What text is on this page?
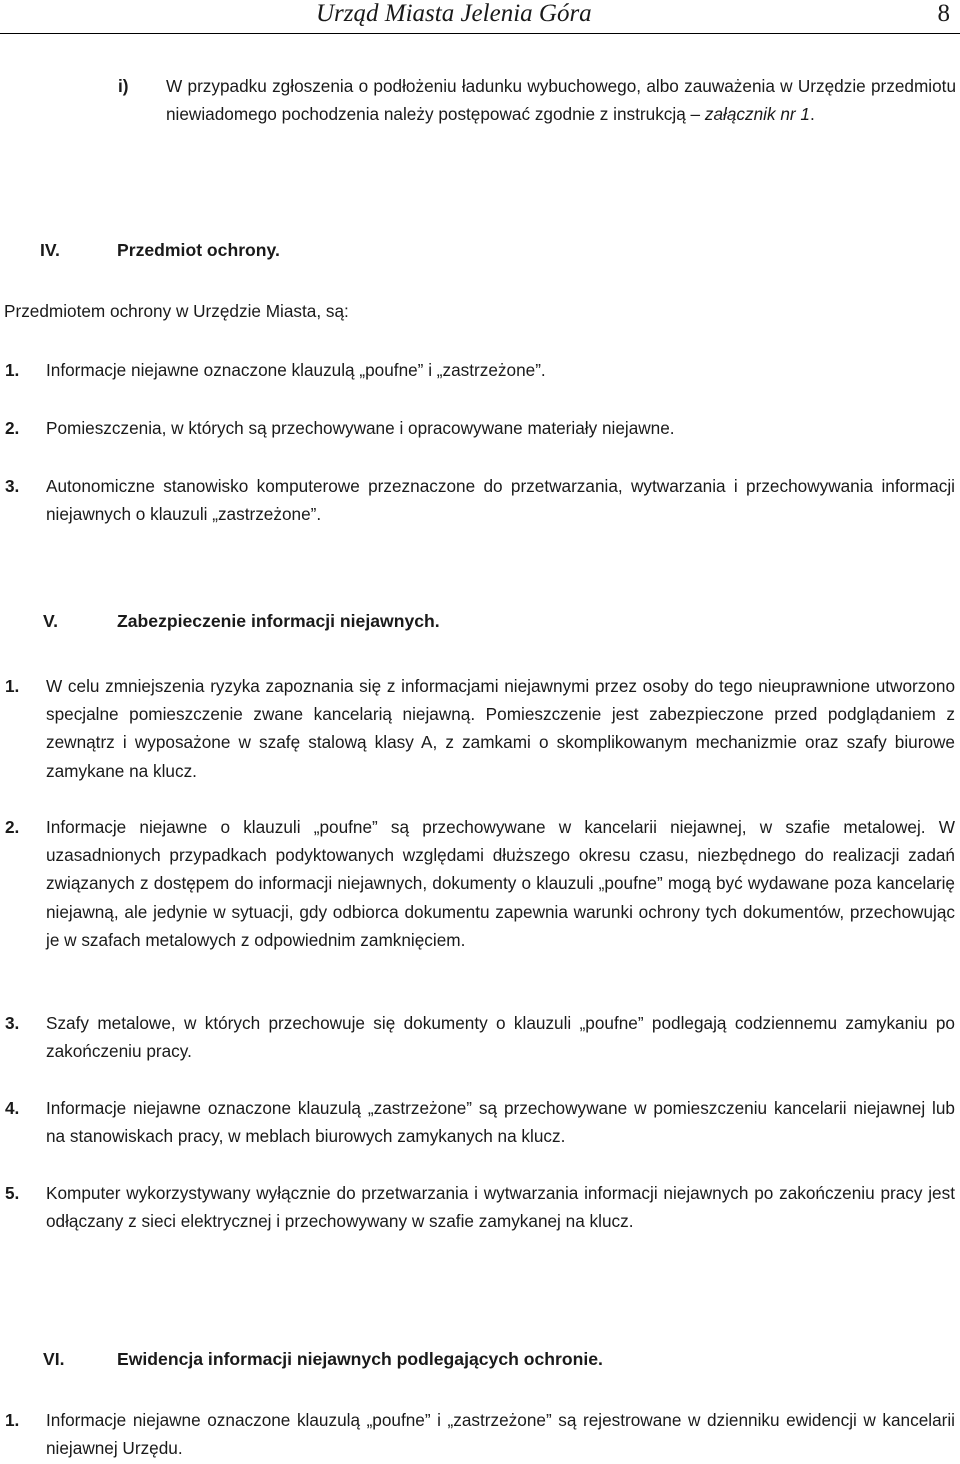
Urząd Miasta Jelenia Góra	8
i) W przypadku zgłoszenia o podłożeniu ładunku wybuchowego, albo zauważenia w Urzędzie przedmiotu niewiadomego pochodzenia należy postępować zgodnie z instrukcją – załącznik nr 1.
IV.	Przedmiot ochrony.
Przedmiotem ochrony w Urzędzie Miasta, są:
1. Informacje niejawne oznaczone klauzulą „poufne” i „zastrzeżone”.
2. Pomieszczenia, w których są przechowywane i opracowywane materiały niejawne.
3. Autonomiczne stanowisko komputerowe przeznaczone do przetwarzania, wytwarzania i przechowywania informacji niejawnych o klauzuli „zastrzeżone”.
V.	Zabezpieczenie informacji niejawnych.
1. W celu zmniejszenia ryzyka zapoznania się z informacjami niejawnymi przez osoby do tego nieuprawnione utworzono specjalne pomieszczenie zwane kancelarią niejawną. Pomieszczenie jest zabezpieczone przed podglądaniem z zewnątrz i wyposażone w szafę stalową klasy A, z zamkami o skomplikowanym mechanizmie oraz szafy biurowe zamykane na klucz.
2. Informacje niejawne o klauzuli „poufne” są przechowywane w kancelarii niejawnej, w szafie metalowej. W uzasadnionych przypadkach podyktowanych względami dłuższego okresu czasu, niezbędnego do realizacji zadań związanych z dostępem do informacji niejawnych, dokumenty o klauzuli „poufne” mogą być wydawane poza kancelarię niejawną, ale jedynie w sytuacji, gdy odbiorca dokumentu zapewnia warunki ochrony tych dokumentów, przechowując je w szafach metalowych z odpowiednim zamknięciem.
3. Szafy metalowe, w których przechowuje się dokumenty o klauzuli „poufne” podlegają codziennemu zamykaniu po zakończeniu pracy.
4. Informacje niejawne oznaczone klauzulą „zastrzeżone” są przechowywane w pomieszczeniu kancelarii niejawnej lub na stanowiskach pracy, w meblach biurowych zamykanych na klucz.
5. Komputer wykorzystywany wyłącznie do przetwarzania i wytwarzania informacji niejawnych po zakończeniu pracy jest odłączany z sieci elektrycznej i przechowywany w szafie zamykanej na klucz.
VI.	Ewidencja informacji niejawnych podlegających ochronie.
1. Informacje niejawne oznaczone klauzulą „poufne” i „zastrzeżone” są rejestrowane w dzienniku ewidencji w kancelarii niejawnej Urzędu.
